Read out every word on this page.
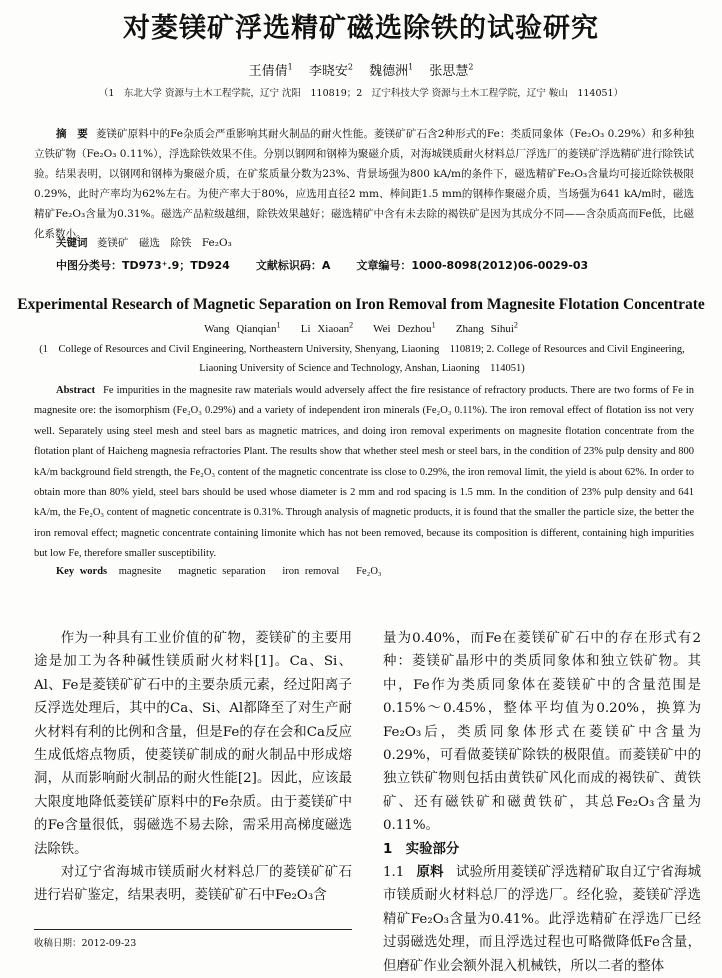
对菱镁矿浮选精矿磁选除铁的试验研究
王倩倩$^1$ 李晓安$^2$ 魏德洲$^1$ 张思慧$^2$
（1　东北大学 资源与土木工程学院，辽宁 沈阳　110819；2　辽宁科技大学 资源与土木工程学院，辽宁 鞍山　114051）
摘　要 菱镁矿原料中的Fe杂质会严重影响其耐火制品的耐火性能。菱镁矿矿石含2种形式的Fe：类质同象体（Fe₂O₃ 0.29%）和多种独立铁矿物（Fe₂O₃ 0.11%），浮选除铁效果不佳。分别以钢网和钢棒为聚磁介质，对海城镁质耐火材料总厂浮选厂的菱镁矿浮选精矿进行除铁试验。结果表明，以钢网和钢棒为聚磁介质，在矿浆质量分数为23%、背景场强为800 kA/m的条件下，磁选精矿Fe₂O₃含量均可接近除铁极限0.29%，此时产率均为62%左右。为使产率大于80%，应选用直径2 mm、棒间距1.5 mm的钢棒作聚磁介质，当场强为641 kA/m时，磁选精矿Fe₂O₃含量为0.31%。磁选产品粒级越细，除铁效果越好；磁选精矿中含有未去除的褐铁矿是因为其成分不同——含杂质高而Fe低，比磁化系数小。
关键词 菱镁矿　 磁选　 除铁　 Fe₂O₃
中图分类号：TD973⁺.9；TD924 文献标识码：A 文章编号：1000-8098(2012)06-0029-03
Experimental Research of Magnetic Separation on Iron Removal from Magnesite Flotation Concentrate
Wang Qianqian$^1$ Li Xiaoan$^2$ Wei Dezhou$^1$ Zhang Sihui$^2$
(1　College of Resources and Civil Engineering, Northeastern University, Shenyang, Liaoning　110819; 2. College of Resources and Civil Engineering, Liaoning University of Science and Technology, Anshan, Liaoning　114051)
Abstract Fe impurities in the magnesite raw materials would adversely affect the fire resistance of refractory products. There are two forms of Fe in magnesite ore: the isomorphism (Fe₂O₃ 0.29%) and a variety of independent iron minerals (Fe₂O₃ 0.11%). The iron removal effect of flotation iss not very well. Separately using steel mesh and steel bars as magnetic matrices, and doing iron removal experiments on magnesite flotation concentrate from the flotation plant of Haicheng magnesia refractories Plant. The results show that whether steel mesh or steel bars, in the condition of 23% pulp density and 800 kA/m background field strength, the Fe₂O₃ content of the magnetic concentrate iss close to 0.29%, the iron removal limit, the yield is about 62%. In order to obtain more than 80% yield, steel bars should be used whose diameter is 2 mm and rod spacing is 1.5 mm. In the condition of 23% pulp density and 641 kA/m, the Fe₂O₃ content of magnetic concentrate is 0.31%. Through analysis of magnetic products, it is found that the smaller the particle size, the better the iron removal effect; magnetic concentrate containing limonite which has not been removed, because its composition is different, containing high impurities but low Fe, therefore smaller susceptibility.
Key words magnesite magnetic separation iron removal Fe₂O₃

作为一种具有工业价值的矿物，菱镁矿的主要用途是加工为各种碱性镁质耐火材料[1]。Ca、Si、Al、Fe是菱镁矿矿石中的主要杂质元素，经过阳离子反浮选处理后，其中的Ca、Si、Al都降至了对生产耐火材料有利的比例和含量，但是Fe的存在会和Ca反应生成低熔点物质，使菱镁矿制成的耐火制品中形成熔洞，从而影响耐火制品的耐火性能[2]。因此，应该最大限度地降低菱镁矿原料中的Fe杂质。由于菱镁矿中的Fe含量很低，弱磁选不易去除，需采用高梯度磁选法除铁。

对辽宁省海城市镁质耐火材料总厂的菱镁矿矿石进行岩矿鉴定，结果表明，菱镁矿矿石中Fe₂O₃含

量为0.40%，而Fe在菱镁矿矿石中的存在形式有2种：菱镁矿晶形中的类质同象体和独立铁矿物。其中，Fe作为类质同象体在菱镁矿中的含量范围是0.15%～0.45%，整体平均值为0.20%，换算为Fe₂O₃后，类质同象体形式在菱镁矿中含量为0.29%，可看做菱镁矿除铁的极限值。而菱镁矿中的独立铁矿物则包括由黄铁矿风化而成的褐铁矿、黄铁矿、还有磁铁矿和磁黄铁矿，其总Fe₂O₃含量为0.11%。

1　实验部分

1.1 原料 试验所用菱镁矿浮选精矿取自辽宁省海城市镁质耐火材料总厂的浮选厂。经化验，菱镁矿浮选精矿Fe₂O₃含量为0.41%。此浮选精矿在浮选厂已经过弱磁选处理，而且浮选过程也可略微降低Fe含量，但磨矿作业会额外混入机械铁，所以二者的整体

收稿日期：2012-09-23
